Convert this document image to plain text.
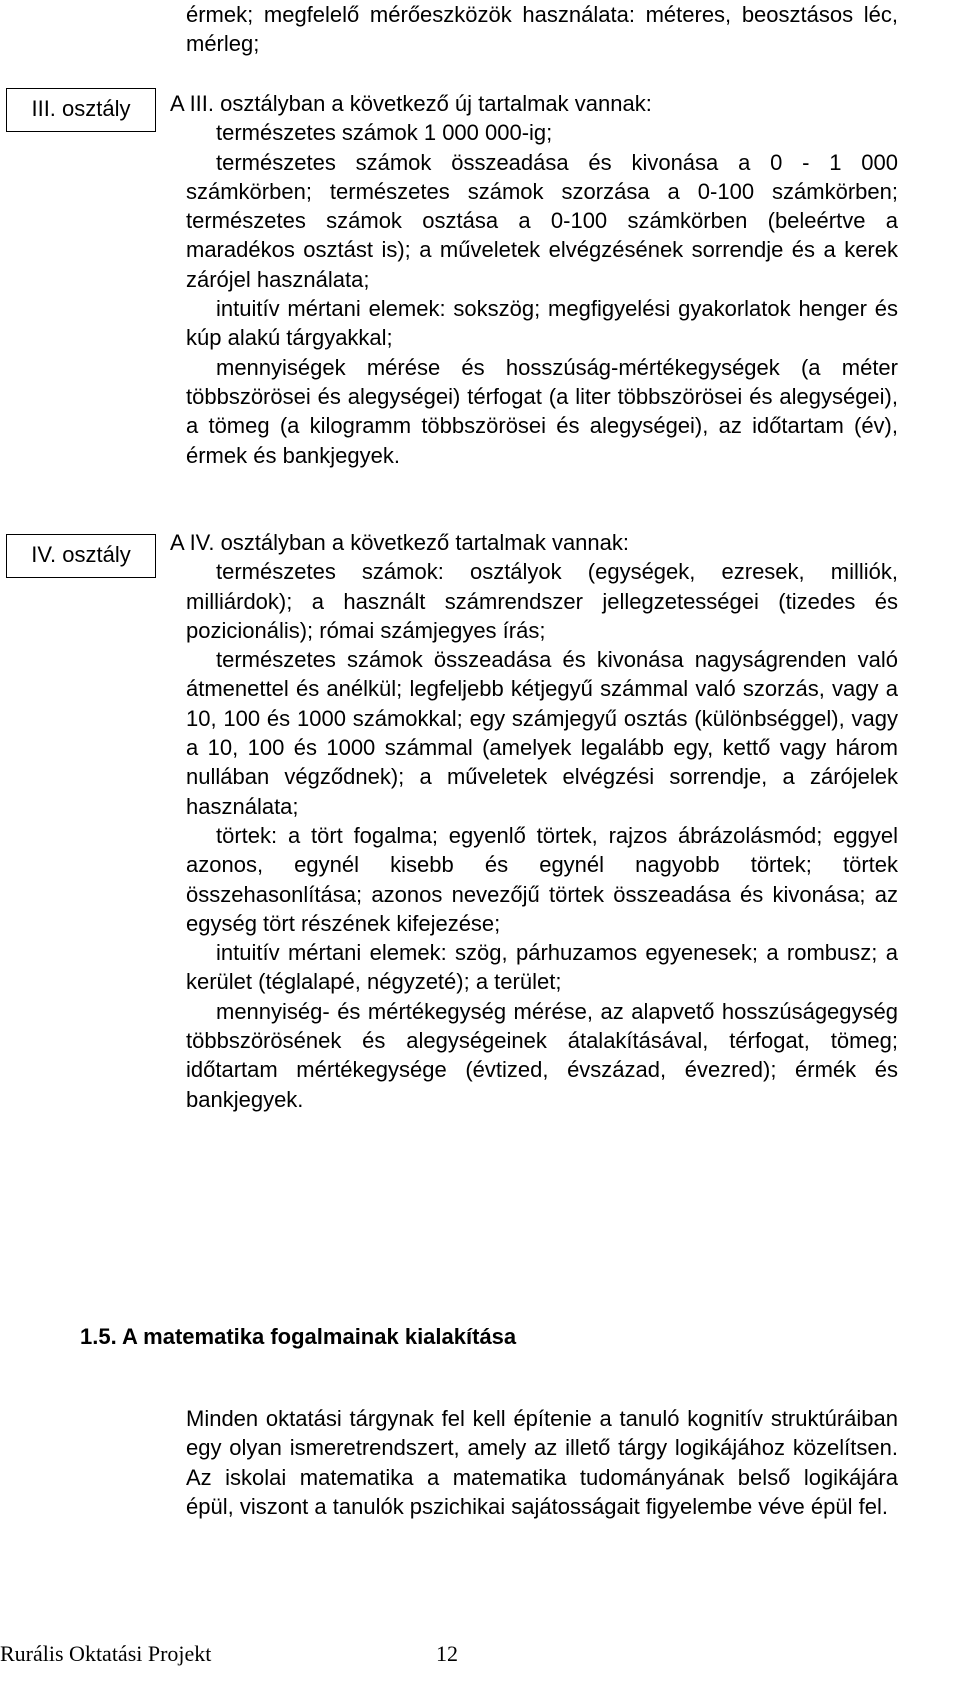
érmek; megfelelő mérőeszközök használata: méteres, beosztásos léc, mérleg;

III. osztály	A III. osztályban a következő új tartalmak vannak:

természetes számok 1 000 000-ig;

természetes számok összeadása és kivonása a 0 - 1 000 számkörben; természetes számok szorzása a 0-100 számkörben; természetes számok osztása a 0-100 számkörben (beleértve a maradékos osztást is); a műveletek elvégzésének sorrendje és a kerek zárójel használata;

intuitív mértani elemek: sokszög; megfigyelési gyakorlatok henger és kúp alakú tárgyakkal;

mennyiségek mérése és hosszúság-mértékegységek (a méter többszörösei és alegységei) térfogat (a liter többszörösei és alegységei), a tömeg (a kilogramm többszörösei és alegységei), az időtartam (év), érmek és bankjegyek.

IV. osztály	A IV. osztályban a következő tartalmak vannak:

természetes számok: osztályok (egységek, ezresek, milliók, milliárdok); a használt számrendszer jellegzetességei (tizedes és pozicionális); római számjegyes írás;

természetes számok összeadása és kivonása nagyságrenden való átmenettel és anélkül; legfeljebb kétjegyű számmal való szorzás, vagy a 10, 100 és 1000 számokkal; egy számjegyű osztás (különbséggel), vagy a 10, 100 és 1000 számmal (amelyek legalább egy, kettő vagy három nullában végződnek); a műveletek elvégzési sorrendje, a zárójelek használata;

törtek: a tört fogalma; egyenlő törtek, rajzos ábrázolásmód; eggyel azonos, egynél kisebb és egynél nagyobb törtek; törtek összehasonlítása; azonos nevezőjű törtek összeadása és kivonása; az egység tört részének kifejezése;

intuitív mértani elemek: szög, párhuzamos egyenesek; a rombusz; a kerület (téglalapé, négyzeté); a terület;

mennyiség- és mértékegység mérése, az alapvető hosszúságegység többszörösének és alegységeinek átalakításával, térfogat, tömeg; időtartam mértékegysége (évtized, évszázad, évezred); érmék és bankjegyek.

1.5. A matematika fogalmainak kialakítása

Minden oktatási tárgynak fel kell építenie a tanuló kognitív struktúráiban egy olyan ismeretrendszert, amely az illető tárgy logikájához közelítsen. Az iskolai matematika a matematika tudományának belső logikájára épül, viszont a tanulók pszichikai sajátosságait figyelembe véve épül fel.

Rurális Oktatási Projekt	12
